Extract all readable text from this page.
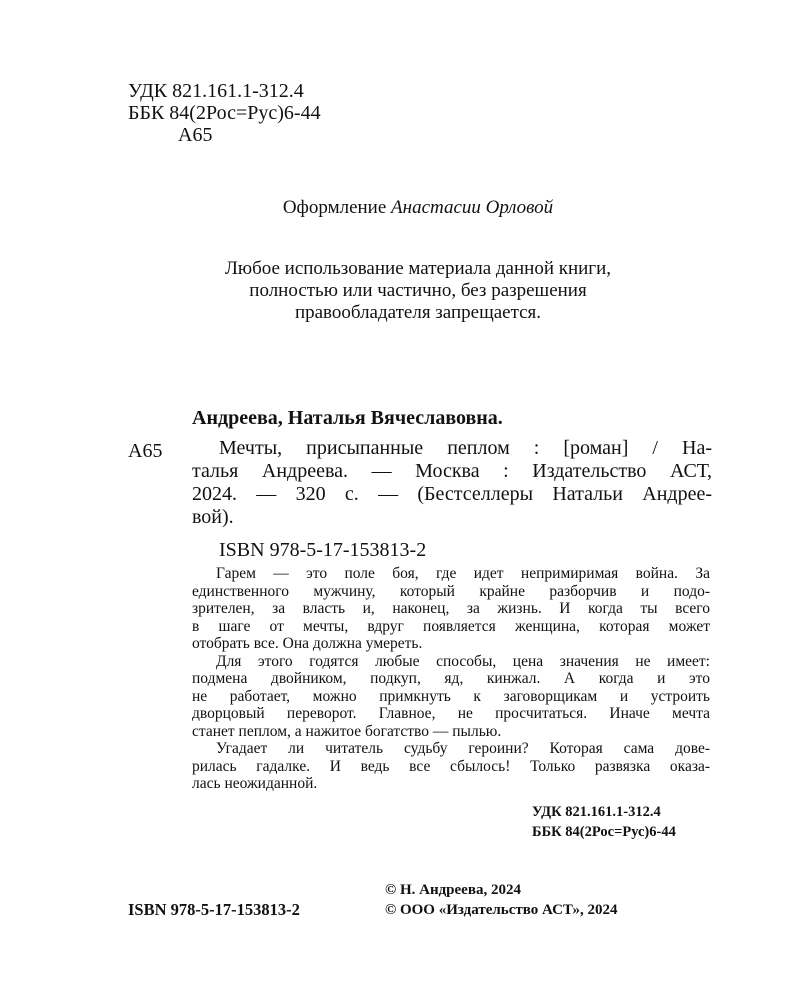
УДК 821.161.1-312.4
ББК 84(2Рос=Рус)6-44
А65
Оформление Анастасии Орловой
Любое использование материала данной книги,
полностью или частично, без разрешения
правообладателя запрещается.
Андреева, Наталья Вячеславовна.
А65	Мечты, присыпанные пеплом : [роман] / На-
талья Андреева. — Москва : Издательство АСТ,
2024. — 320 с. — (Бестселлеры Натальи Андрее-
вой).
ISBN 978-5-17-153813-2
Гарем — это поле боя, где идет непримиримая война. За
единственного мужчину, который крайне разборчив и подо-
зрителен, за власть и, наконец, за жизнь. И когда ты всего
в шаге от мечты, вдруг появляется женщина, которая может
отобрать все. Она должна умереть.
Для этого годятся любые способы, цена значения не имеет:
подмена двойником, подкуп, яд, кинжал. А когда и это
не работает, можно примкнуть к заговорщикам и устроить
дворцовый переворот. Главное, не просчитаться. Иначе мечта
станет пеплом, а нажитое богатство — пылью.
Угадает ли читатель судьбу героини? Которая сама дове-
рилась гадалке. И ведь все сбылось! Только развязка оказа-
лась неожиданной.
УДК 821.161.1-312.4
ББК 84(2Рос=Рус)6-44
© Н. Андреева, 2024
ISBN 978-5-17-153813-2	© ООО «Издательство АСТ», 2024
